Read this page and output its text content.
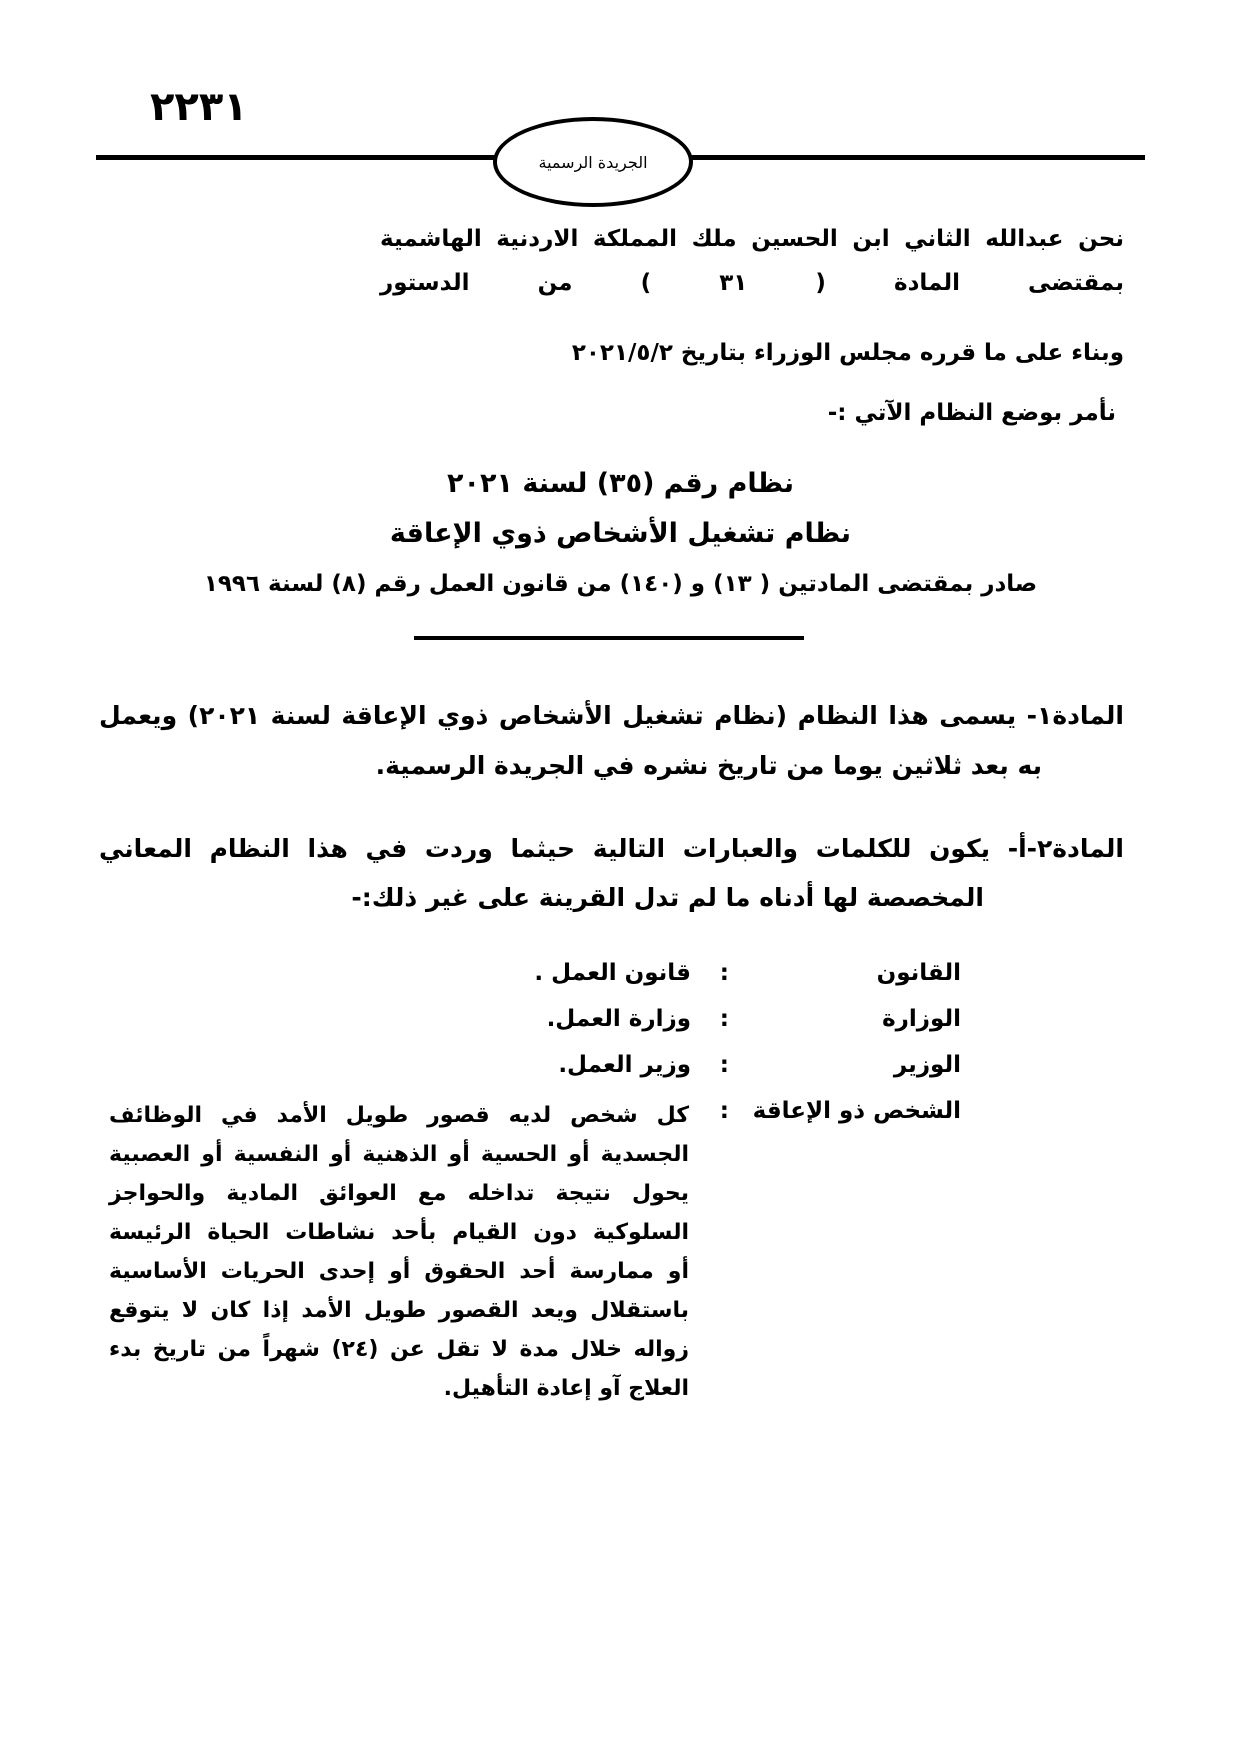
٢٢٣١
الجريدة الرسمية
نحن عبدالله الثاني ابن الحسين ملك المملكة الاردنية الهاشمية
بمقتضى المادة ( ٣١ ) من الدستور
وبناء على ما قرره مجلس الوزراء بتاريخ ٢٠٢١/٥/٢
نأمر بوضع النظام الآتي :-
نظام رقم (٣٥) لسنة ٢٠٢١
نظام تشغيل الأشخاص ذوي الإعاقة
صادر بمقتضى المادتين ( ١٣) و (١٤٠) من قانون العمل رقم (٨) لسنة ١٩٩٦
المادة١- يسمى هذا النظام (نظام تشغيل الأشخاص ذوي الإعاقة لسنة ٢٠٢١) ويعمل
به بعد ثلاثين يوما من تاريخ نشره في الجريدة الرسمية.
المادة٢-أ- يكون للكلمات والعبارات التالية حيثما وردت في هذا النظام المعاني
المخصصة لها أدناه ما لم تدل القرينة على غير ذلك:-
القانون
:
قانون العمل .
الوزارة
:
وزارة العمل.
الوزير
:
وزير العمل.
الشخص ذو الإعاقة
:
كل شخص لديه قصور طويل الأمد في الوظائف
الجسدية أو الحسية أو الذهنية أو النفسية أو العصبية
يحول نتيجة تداخله مع العوائق المادية والحواجز
السلوكية دون القيام بأحد نشاطات الحياة الرئيسة
أو ممارسة أحد الحقوق أو إحدى الحريات الأساسية
باستقلال ويعد القصور طويل الأمد إذا كان لا يتوقع
زواله خلال مدة لا تقل عن (٢٤) شهراً من تاريخ بدء
العلاج آو إعادة التأهيل.
